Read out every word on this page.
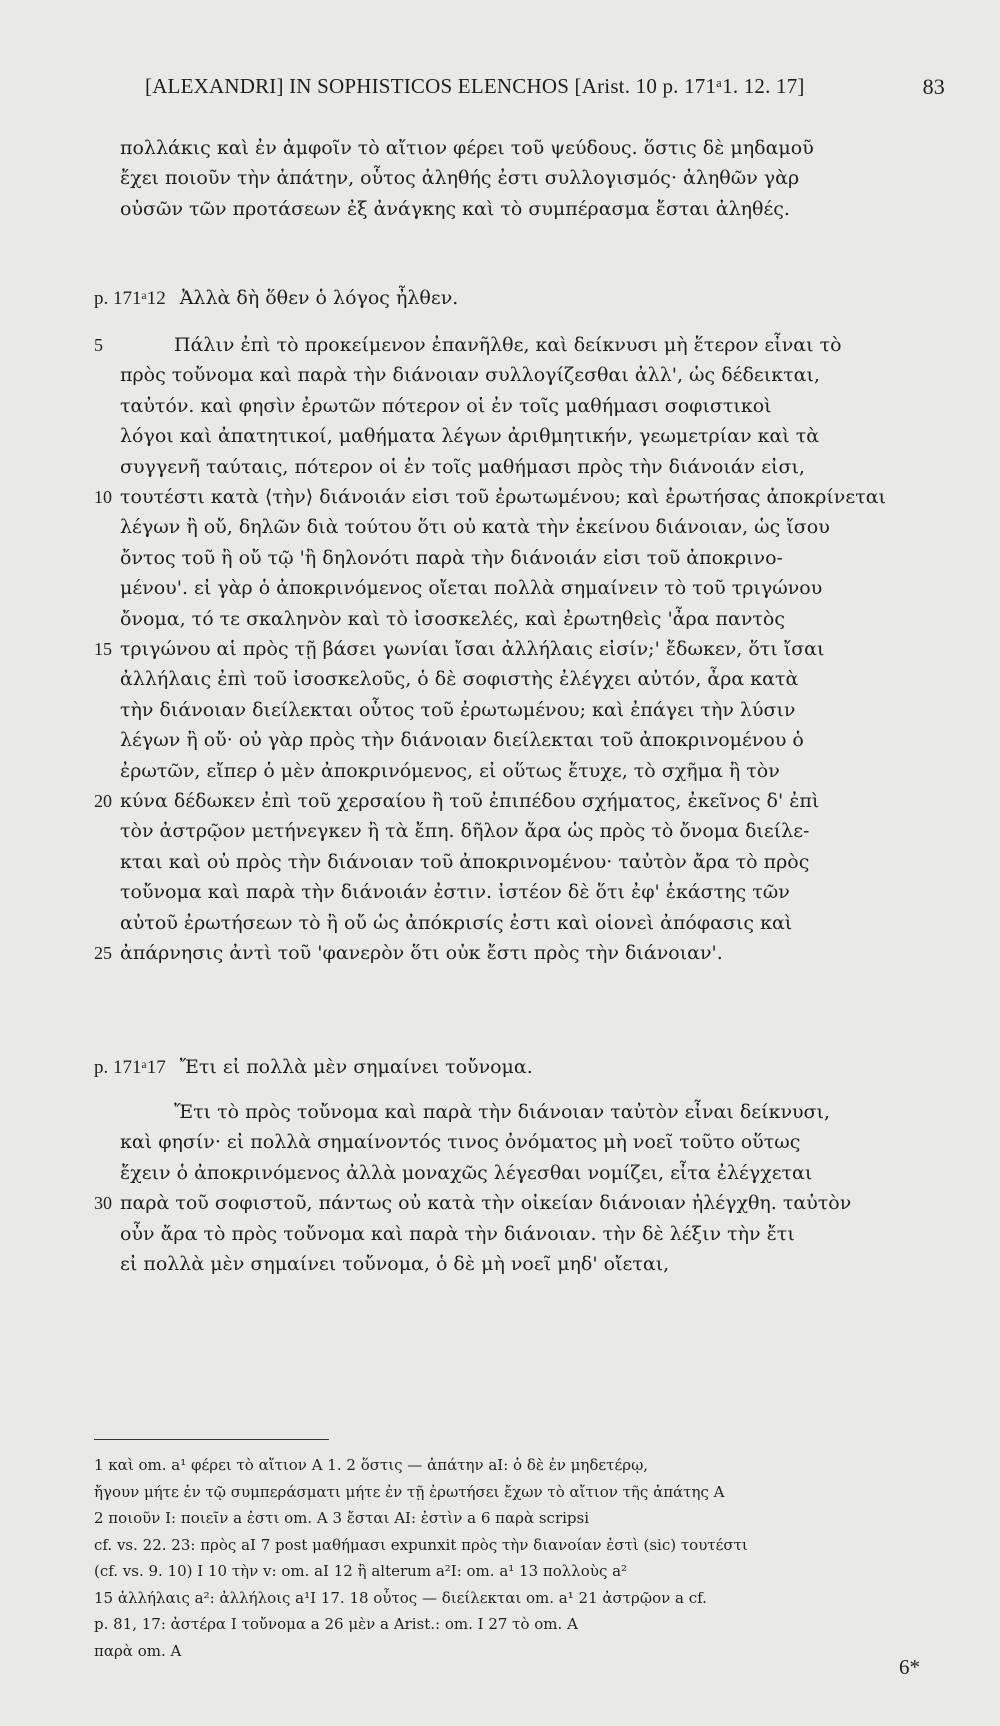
[ALEXANDRI] IN SOPHISTICOS ELENCHOS [Arist. 10 p. 171ᵃ1. 12. 17]	83
πολλάκις καὶ ἐν ἀμφοῖν τὸ αἴτιον φέρει τοῦ ψεύδους. ὅστις δὲ μηδαμοῦ
ἔχει ποιοῦν τὴν ἀπάτην, οὗτος ἀληθής ἐστι συλλογισμός· ἀληθῶν γὰρ
οὐσῶν τῶν προτάσεων ἐξ ἀνάγκης καὶ τὸ συμπέρασμα ἔσται ἀληθές.
p. 171ᵃ12 Ἀλλὰ δὴ ὅθεν ὁ λόγος ἦλθεν.
5	Πάλιν ἐπὶ τὸ προκείμενον ἐπανῆλθε, καὶ δείκνυσι μὴ ἕτερον εἶναι τὸ
πρὸς τοὔνομα καὶ παρὰ τὴν διάνοιαν συλλογίζεσθαι ἀλλ', ὡς δέδεικται,
ταὐτόν. καὶ φησὶν ἐρωτῶν πότερον οἱ ἐν τοῖς μαθήμασι σοφιστικοὶ
λόγοι καὶ ἀπατητικοί, μαθήματα λέγων ἀριθμητικήν, γεωμετρίαν καὶ τὰ
συγγενῆ ταύταις, πότερον οἱ ἐν τοῖς μαθήμασι πρὸς τὴν διάνοιάν εἰσι,
10 τουτέστι κατὰ ⟨τὴν⟩ διάνοιάν εἰσι τοῦ ἐρωτωμένου; καὶ ἐρωτήσας ἀποκρίνεται
λέγων ἢ οὔ, δηλῶν διὰ τούτου ὅτι οὐ κατὰ τὴν ἐκείνου διάνοιαν, ὡς ἴσου
ὄντος τοῦ ἢ οὔ τῷ 'ἢ δηλονότι παρὰ τὴν διάνοιάν εἰσι τοῦ ἀποκρινο-
μένου'. εἰ γὰρ ὁ ἀποκρινόμενος οἴεται πολλὰ σημαίνειν τὸ τοῦ τριγώνου
ὄνομα, τό τε σκαληνὸν καὶ τὸ ἰσοσκελές, καὶ ἐρωτηθεὶς 'ἆρα παντὸς
15 τριγώνου αἱ πρὸς τῇ βάσει γωνίαι ἴσαι ἀλλήλαις εἰσίν;' ἔδωκεν, ὅτι ἴσαι
ἀλλήλαις ἐπὶ τοῦ ἰσοσκελοῦς, ὁ δὲ σοφιστὴς ἐλέγχει αὐτόν, ἆρα κατὰ
τὴν διάνοιαν διείλεκται οὗτος τοῦ ἐρωτωμένου; καὶ ἐπάγει τὴν λύσιν
λέγων ἢ οὔ· οὐ γὰρ πρὸς τὴν διάνοιαν διείλεκται τοῦ ἀποκρινομένου ὁ
ἐρωτῶν, εἴπερ ὁ μὲν ἀποκρινόμενος, εἰ οὕτως ἔτυχε, τὸ σχῆμα ἢ τὸν
20 κύνα δέδωκεν ἐπὶ τοῦ χερσαίου ἢ τοῦ ἐπιπέδου σχήματος, ἐκεῖνος δ' ἐπὶ
τὸν ἀστρῷον μετήνεγκεν ἢ τὰ ἔπη. δῆλον ἄρα ὡς πρὸς τὸ ὄνομα διείλε-
κται καὶ οὐ πρὸς τὴν διάνοιαν τοῦ ἀποκρινομένου· ταὐτὸν ἄρα τὸ πρὸς
τοὔνομα καὶ παρὰ τὴν διάνοιάν ἐστιν. ἰστέον δὲ ὅτι ἐφ' ἑκάστης τῶν
αὐτοῦ ἐρωτήσεων τὸ ἢ οὔ ὡς ἀπόκρισίς ἐστι καὶ οἱονεὶ ἀπόφασις καὶ
25 ἀπάρνησις ἀντὶ τοῦ 'φανερὸν ὅτι οὐκ ἔστι πρὸς τὴν διάνοιαν'.
p. 171ᵃ17 Ἔτι εἰ πολλὰ μὲν σημαίνει τοὔνομα.
Ἔτι τὸ πρὸς τοὔνομα καὶ παρὰ τὴν διάνοιαν ταὐτὸν εἶναι δείκνυσι,
καὶ φησίν· εἰ πολλὰ σημαίνοντός τινος ὀνόματος μὴ νοεῖ τοῦτο οὕτως
ἔχειν ὁ ἀποκρινόμενος ἀλλὰ μοναχῶς λέγεσθαι νομίζει, εἶτα ἐλέγχεται
30 παρὰ τοῦ σοφιστοῦ, πάντως οὐ κατὰ τὴν οἰκείαν διάνοιαν ἠλέγχθη. ταὐτὸν
οὖν ἄρα τὸ πρὸς τοὔνομα καὶ παρὰ τὴν διάνοιαν. τὴν δὲ λέξιν τὴν ἔτι
εἰ πολλὰ μὲν σημαίνει τοὔνομα, ὁ δὲ μὴ νοεῖ μηδ' οἴεται,
1 καὶ om. a¹ φέρει τὸ αἴτιον A 1. 2 ὅστις — ἀπάτην aI: ὁ δὲ ἐν μηδετέρῳ,
ἤγουν μήτε ἐν τῷ συμπεράσματι μήτε ἐν τῇ ἐρωτήσει ἔχων τὸ αἴτιον τῆς ἀπάτης A
2 ποιοῦν I: ποιεῖν a ἐστι om. A 3 ἔσται AI: ἐστὶν a 6 παρὰ scripsi
cf. vs. 22. 23: πρὸς aI 7 post μαθήμασι expunxit πρὸς τὴν διανοίαν ἐστὶ (sic) τουτέστι
(cf. vs. 9. 10) I 10 τὴν v: om. aI 12 ἢ alterum a²I: om. a¹ 13 πολλοὺς a²
15 ἀλλήλαις a²: ἀλλήλοις a¹I 17. 18 οὗτος — διείλεκται om. a¹ 21 ἀστρῷον a cf.
p. 81, 17: ἀστέρα I τοὔνομα a 26 μὲν a Arist.: om. I 27 τὸ om. A
παρὰ om. A
6*
